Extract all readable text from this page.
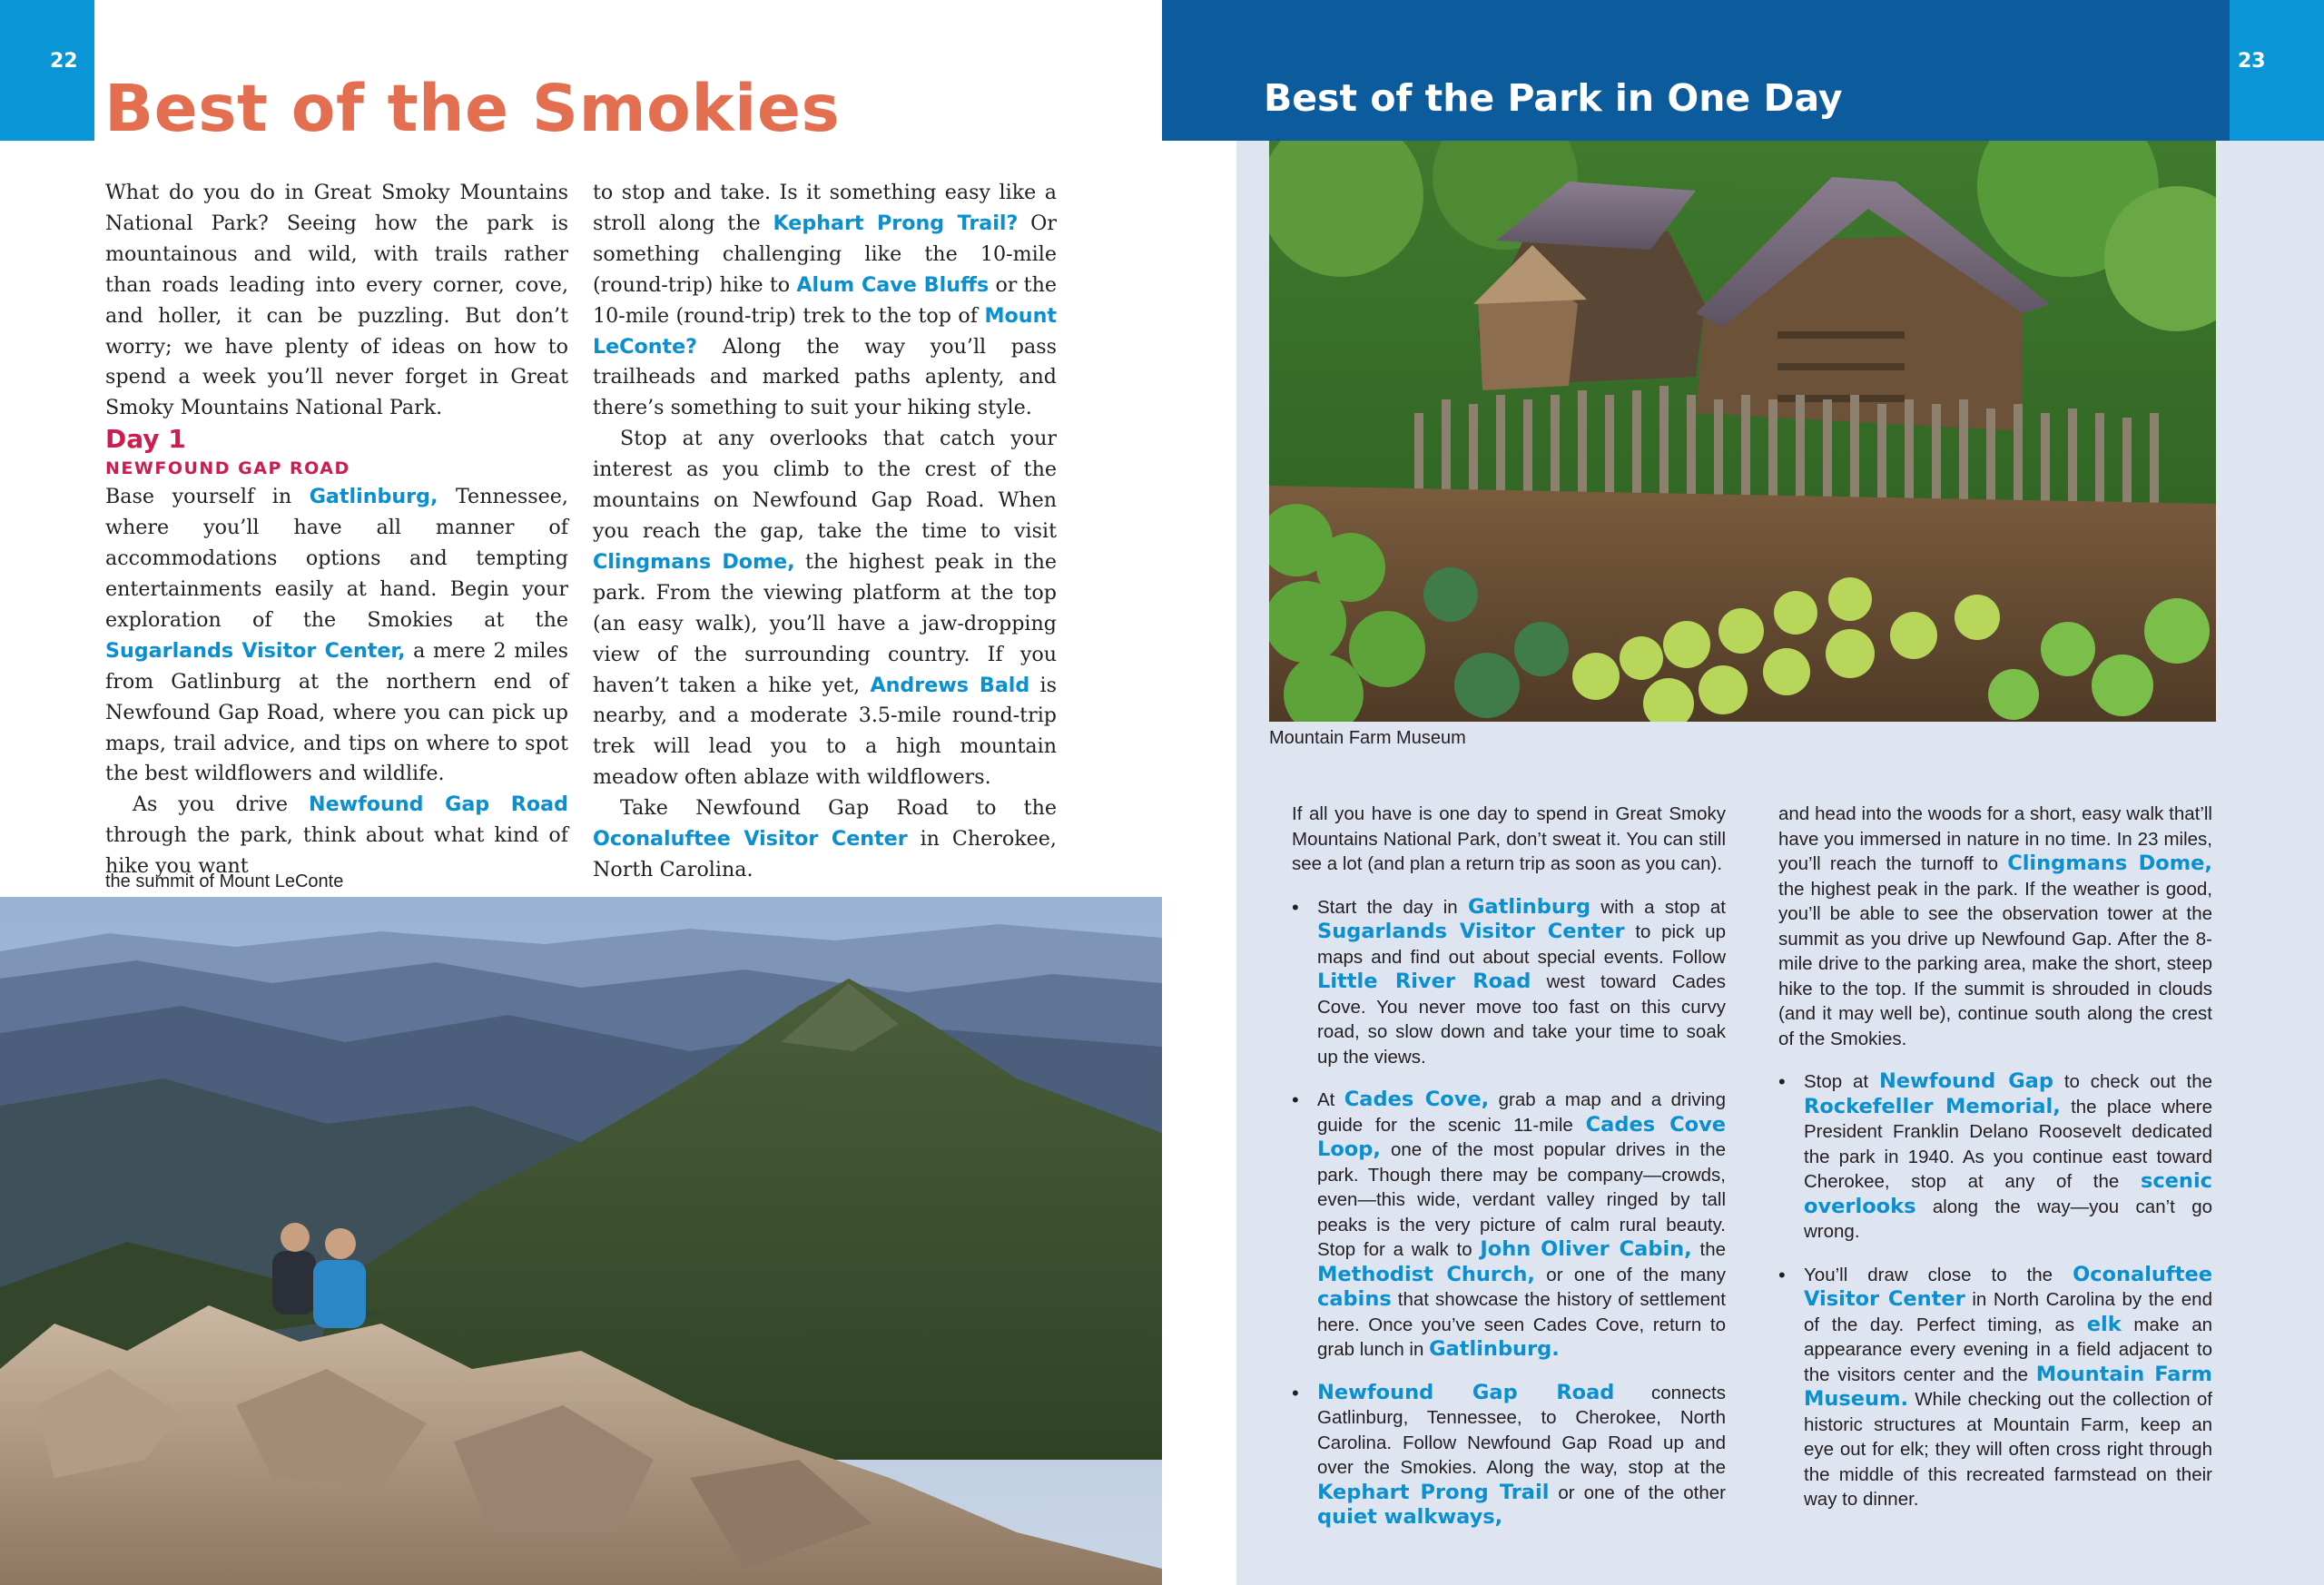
22
Best of the Smokies

What do you do in Great Smoky Mountains National Park? Seeing how the park is mountainous and wild, with trails rather than roads leading into every corner, cove, and holler, it can be puzzling. But don’t worry; we have plenty of ideas on how to spend a week you’ll never forget in Great Smoky Mountains National Park.

Day 1

NEWFOUND GAP ROAD

Base yourself in Gatlinburg, Tennessee, where you’ll have all manner of accommodations options and tempting entertainments easily at hand. Begin your exploration of the Smokies at the Sugarlands Visitor Center, a mere 2 miles from Gatlinburg at the northern end of Newfound Gap Road, where you can pick up maps, trail advice, and tips on where to spot the best wildflowers and wildlife.

As you drive Newfound Gap Road through the park, think about what kind of hike you want

to stop and take. Is it something easy like a stroll along the Kephart Prong Trail? Or something challenging like the 10-mile (round-trip) hike to Alum Cave Bluffs or the 10-mile (round-trip) trek to the top of Mount LeConte? Along the way you’ll pass trailheads and marked paths aplenty, and there’s something to suit your hiking style.

Stop at any overlooks that catch your interest as you climb to the crest of the mountains on Newfound Gap Road. When you reach the gap, take the time to visit Clingmans Dome, the highest peak in the park. From the viewing platform at the top (an easy walk), you’ll have a jaw-dropping view of the surrounding country. If you haven’t taken a hike yet, Andrews Bald is nearby, and a moderate 3.5-mile round-trip trek will lead you to a high mountain meadow often ablaze with wildflowers.

Take Newfound Gap Road to the Oconaluftee Visitor Center in Cherokee, North Carolina.

the summit of Mount LeConte
Best of the Park in One Day
23
Mountain Farm Museum

If all you have is one day to spend in Great Smoky Mountains National Park, don’t sweat it. You can still see a lot (and plan a return trip as soon as you can).

• Start the day in Gatlinburg with a stop at Sugarlands Visitor Center to pick up maps and find out about special events. Follow Little River Road west toward Cades Cove. You never move too fast on this curvy road, so slow down and take your time to soak up the views.
• At Cades Cove, grab a map and a driving guide for the scenic 11-mile Cades Cove Loop, one of the most popular drives in the park. Though there may be company—crowds, even—this wide, verdant valley ringed by tall peaks is the very picture of calm rural beauty. Stop for a walk to John Oliver Cabin, the Methodist Church, or one of the many cabins that showcase the history of settlement here. Once you’ve seen Cades Cove, return to grab lunch in Gatlinburg.
• Newfound Gap Road connects Gatlinburg, Tennessee, to Cherokee, North Carolina. Follow Newfound Gap Road up and over the Smokies. Along the way, stop at the Kephart Prong Trail or one of the other quiet walkways,

and head into the woods for a short, easy walk that’ll have you immersed in nature in no time. In 23 miles, you’ll reach the turnoff to Clingmans Dome, the highest peak in the park. If the weather is good, you’ll be able to see the observation tower at the summit as you drive up Newfound Gap. After the 8-mile drive to the parking area, make the short, steep hike to the top. If the summit is shrouded in clouds (and it may well be), continue south along the crest of the Smokies.

• Stop at Newfound Gap to check out the Rockefeller Memorial, the place where President Franklin Delano Roosevelt dedicated the park in 1940. As you continue east toward Cherokee, stop at any of the scenic overlooks along the way—you can’t go wrong.
• You’ll draw close to the Oconaluftee Visitor Center in North Carolina by the end of the day. Perfect timing, as elk make an appearance every evening in a field adjacent to the visitors center and the Mountain Farm Museum. While checking out the collection of historic structures at Mountain Farm, keep an eye out for elk; they will often cross right through the middle of this recreated farmstead on their way to dinner.
